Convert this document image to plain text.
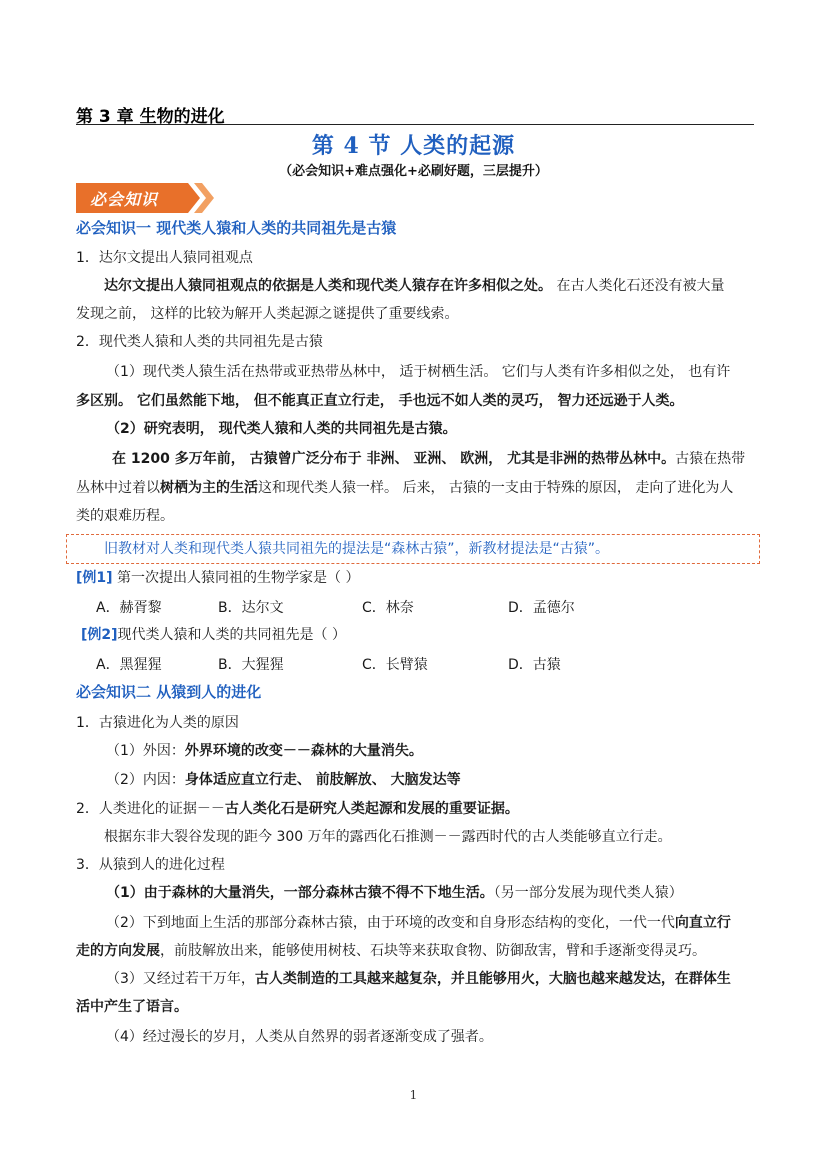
第 3 章 生物的进化
第 4 节 人类的起源
（必会知识+难点强化+必刷好题，三层提升）
必会知识
必会知识一 现代类人猿和人类的共同祖先是古猿
1．达尔文提出人猿同祖观点
达尔文提出人猿同祖观点的依据是人类和现代类人猿存在许多相似之处。 在古人类化石还没有被大量
发现之前， 这样的比较为解开人类起源之谜提供了重要线索。
2．现代类人猿和人类的共同祖先是古猿
（1）现代类人猿生活在热带或亚热带丛林中， 适于树栖生活。 它们与人类有许多相似之处， 也有许
多区别。 它们虽然能下地， 但不能真正直立行走， 手也远不如人类的灵巧， 智力还远逊于人类。
（2）研究表明， 现代类人猿和人类的共同祖先是古猿。
在 1200 多万年前， 古猿曾广泛分布于 非洲、 亚洲、 欧洲， 尤其是非洲的热带丛林中。古猿在热带
丛林中过着以树栖为主的生活这和现代类人猿一样。 后来， 古猿的一支由于特殊的原因， 走向了进化为人
类的艰难历程。
旧教材对人类和现代类人猿共同祖先的提法是“森林古猿”，新教材提法是“古猿”。
[例1] 第一次提出人猿同祖的生物学家是（ ）
A．赫胥黎	B．达尔文	C．林奈	D．孟德尔
[例2]现代类人猿和人类的共同祖先是（ ）
A．黑猩猩	B．大猩猩	C．长臂猿	D．古猿
必会知识二 从猿到人的进化
1．古猿进化为人类的原因
（1）外因：外界环境的改变－－森林的大量消失。
（2）内因：身体适应直立行走、 前肢解放、 大脑发达等
2．人类进化的证据－－古人类化石是研究人类起源和发展的重要证据。
根据东非大裂谷发现的距今 300 万年的露西化石推测－－露西时代的古人类能够直立行走。
3．从猿到人的进化过程
（1）由于森林的大量消失，一部分森林古猿不得不下地生活。（另一部分发展为现代类人猿）
（2）下到地面上生活的那部分森林古猿，由于环境的改变和自身形态结构的变化，一代一代向直立行
走的方向发展，前肢解放出来，能够使用树枝、石块等来获取食物、防御敌害，臂和手逐渐变得灵巧。
（3）又经过若干万年，古人类制造的工具越来越复杂，并且能够用火，大脑也越来越发达，在群体生
活中产生了语言。
（4）经过漫长的岁月，人类从自然界的弱者逐渐变成了强者。
1
